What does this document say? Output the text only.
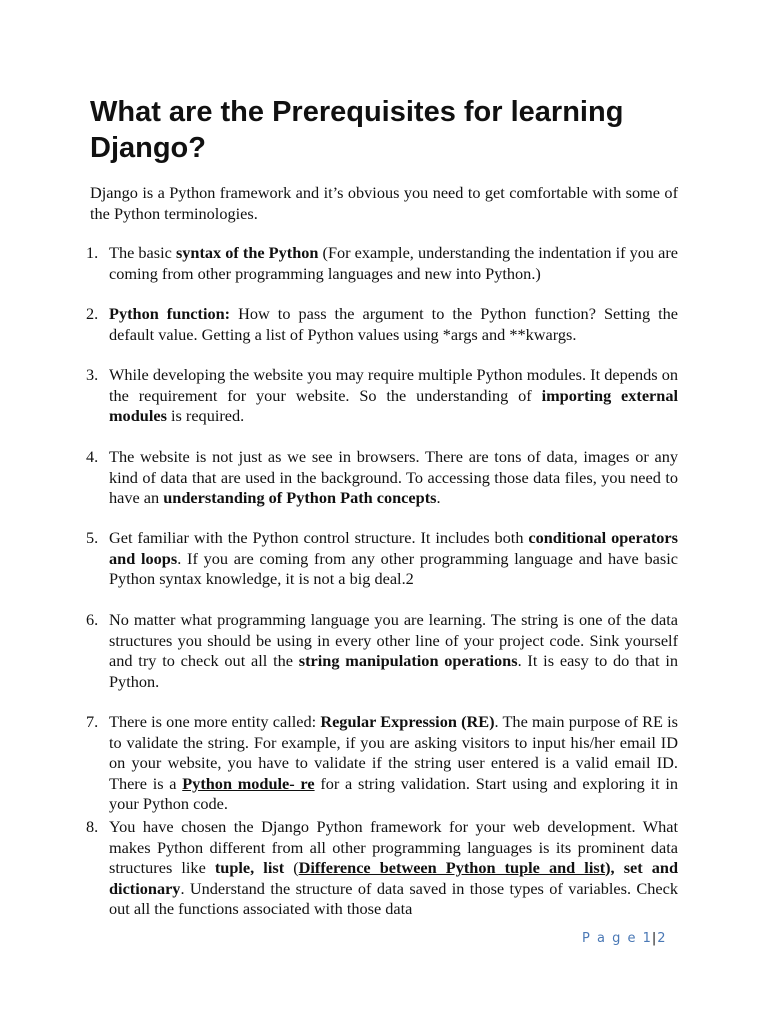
What are the Prerequisites for learning Django?

Django is a Python framework and it’s obvious you need to get comfortable with some of the Python terminologies.

1. The basic syntax of the Python (For example, understanding the indentation if you are coming from other programming languages and new into Python.)
2. Python function: How to pass the argument to the Python function? Setting the default value. Getting a list of Python values using *args and **kwargs.
3. While developing the website you may require multiple Python modules. It depends on the requirement for your website. So the understanding of importing external modules is required.
4. The website is not just as we see in browsers. There are tons of data, images or any kind of data that are used in the background. To accessing those data files, you need to have an understanding of Python Path concepts.
5. Get familiar with the Python control structure. It includes both conditional operators and loops. If you are coming from any other programming language and have basic Python syntax knowledge, it is not a big deal.2
6. No matter what programming language you are learning. The string is one of the data structures you should be using in every other line of your project code. Sink yourself and try to check out all the string manipulation operations. It is easy to do that in Python.
7. There is one more entity called: Regular Expression (RE). The main purpose of RE is to validate the string. For example, if you are asking visitors to input his/her email ID on your website, you have to validate if the string user entered is a valid email ID. There is a Python module- re for a string validation. Start using and exploring it in your Python code.
8. You have chosen the Django Python framework for your web development. What makes Python different from all other programming languages is its prominent data structures like tuple, list (Difference between Python tuple and list), set and dictionary. Understand the structure of data saved in those types of variables. Check out all the functions associated with those data
P a g e 1|2
